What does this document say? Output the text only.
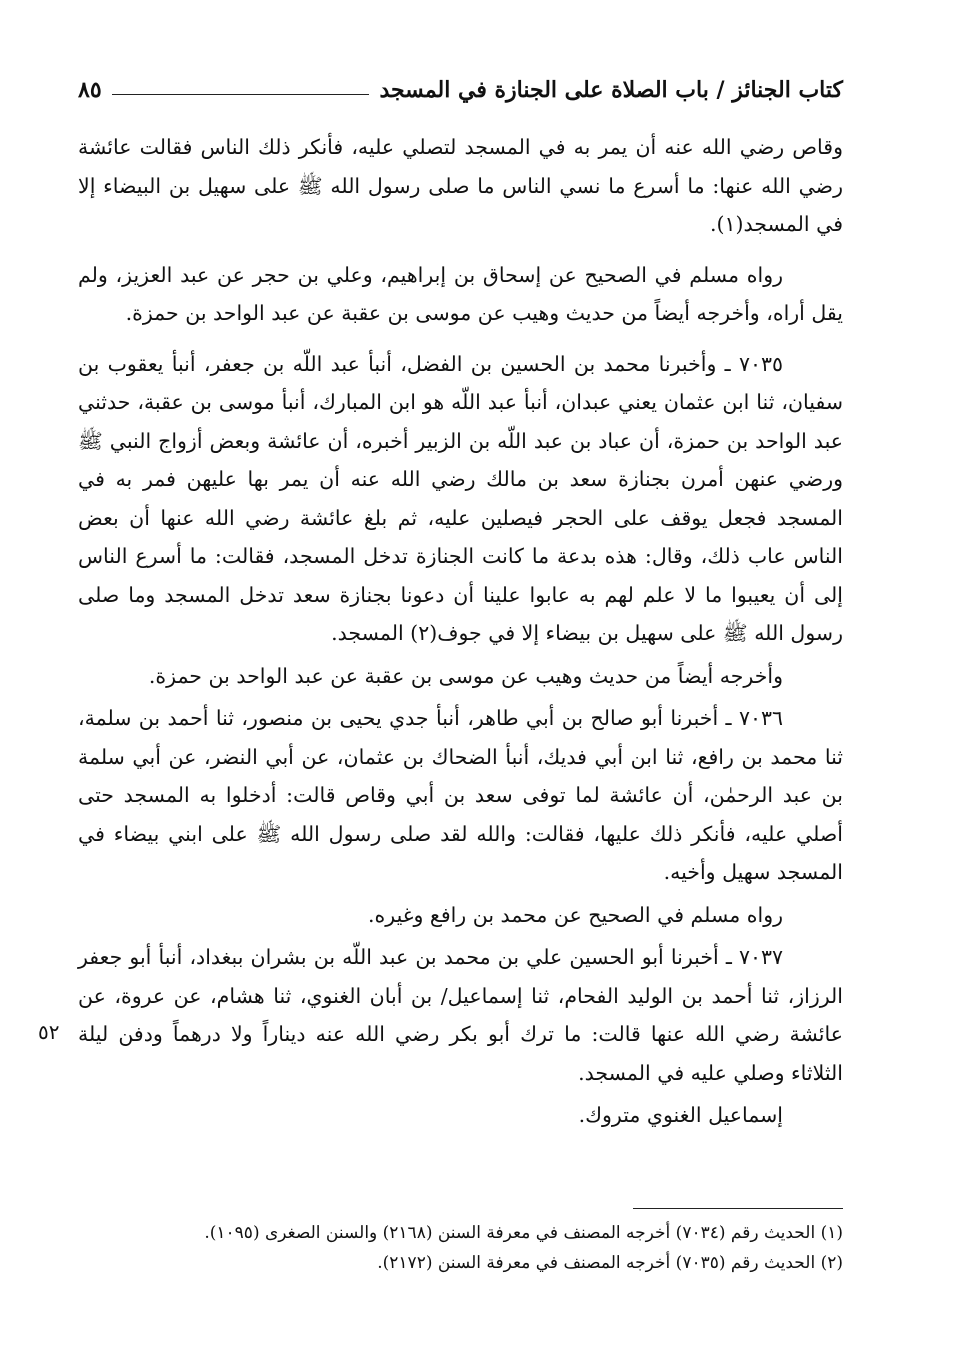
كتاب الجنائز / باب الصلاة على الجنازة في المسجد
٨٥

وقاص رضي الله عنه أن يمر به في المسجد لتصلي عليه، فأنكر ذلك الناس فقالت عائشة رضي الله عنها: ما أسرع ما نسي الناس ما صلى رسول الله ﷺ على سهيل بن البيضاء إلا في المسجد(١).

رواه مسلم في الصحيح عن إسحاق بن إبراهيم، وعلي بن حجر عن عبد العزيز، ولم يقل أراه، وأخرجه أيضاً من حديث وهيب عن موسى بن عقبة عن عبد الواحد بن حمزة.

٧٠٣٥ ـ وأخبرنا محمد بن الحسين بن الفضل، أنبأ عبد اللّه بن جعفر، أنبأ يعقوب بن سفيان، ثنا ابن عثمان يعني عبدان، أنبأ عبد اللّه هو ابن المبارك، أنبأ موسى بن عقبة، حدثني عبد الواحد بن حمزة، أن عباد بن عبد اللّه بن الزبير أخبره، أن عائشة وبعض أزواج النبي ﷺ ورضي عنهن أمرن بجنازة سعد بن مالك رضي الله عنه أن يمر بها عليهن فمر به في المسجد فجعل يوقف على الحجر فيصلين عليه، ثم بلغ عائشة رضي الله عنها أن بعض الناس عاب ذلك، وقال: هذه بدعة ما كانت الجنازة تدخل المسجد، فقالت: ما أسرع الناس إلى أن يعيبوا ما لا علم لهم به عابوا علينا أن دعونا بجنازة سعد تدخل المسجد وما صلى رسول الله ﷺ على سهيل بن بيضاء إلا في جوف(٢) المسجد.

وأخرجه أيضاً من حديث وهيب عن موسى بن عقبة عن عبد الواحد بن حمزة.

٧٠٣٦ ـ أخبرنا أبو صالح بن أبي طاهر، أنبأ جدي يحيى بن منصور، ثنا أحمد بن سلمة، ثنا محمد بن رافع، ثنا ابن أبي فديك، أنبأ الضحاك بن عثمان، عن أبي النضر، عن أبي سلمة بن عبد الرحمٰن، أن عائشة لما توفى سعد بن أبي وقاص قالت: أدخلوا به المسجد حتى أصلي عليه، فأنكر ذلك عليها، فقالت: والله لقد صلى رسول الله ﷺ على ابني بيضاء في المسجد سهيل وأخيه.

رواه مسلم في الصحيح عن محمد بن رافع وغيره.

٧٠٣٧ ـ أخبرنا أبو الحسين علي بن محمد بن عبد اللّه بن بشران ببغداد، أنبأ أبو جعفر الرزاز، ثنا أحمد بن الوليد الفحام، ثنا إسماعيل/ بن أبان الغنوي، ثنا هشام، عن عروة، عن عائشة رضي الله عنها قالت: ما ترك أبو بكر رضي الله عنه ديناراً ولا درهماً ودفن ليلة الثلاثاء وصلي عليه في المسجد.

إسماعيل الغنوي متروك.

(١) الحديث رقم (٧٠٣٤) أخرجه المصنف في معرفة السنن (٢١٦٨) والسنن الصغرى (١٠٩٥).
(٢) الحديث رقم (٧٠٣٥) أخرجه المصنف في معرفة السنن (٢١٧٢).
٥٢
